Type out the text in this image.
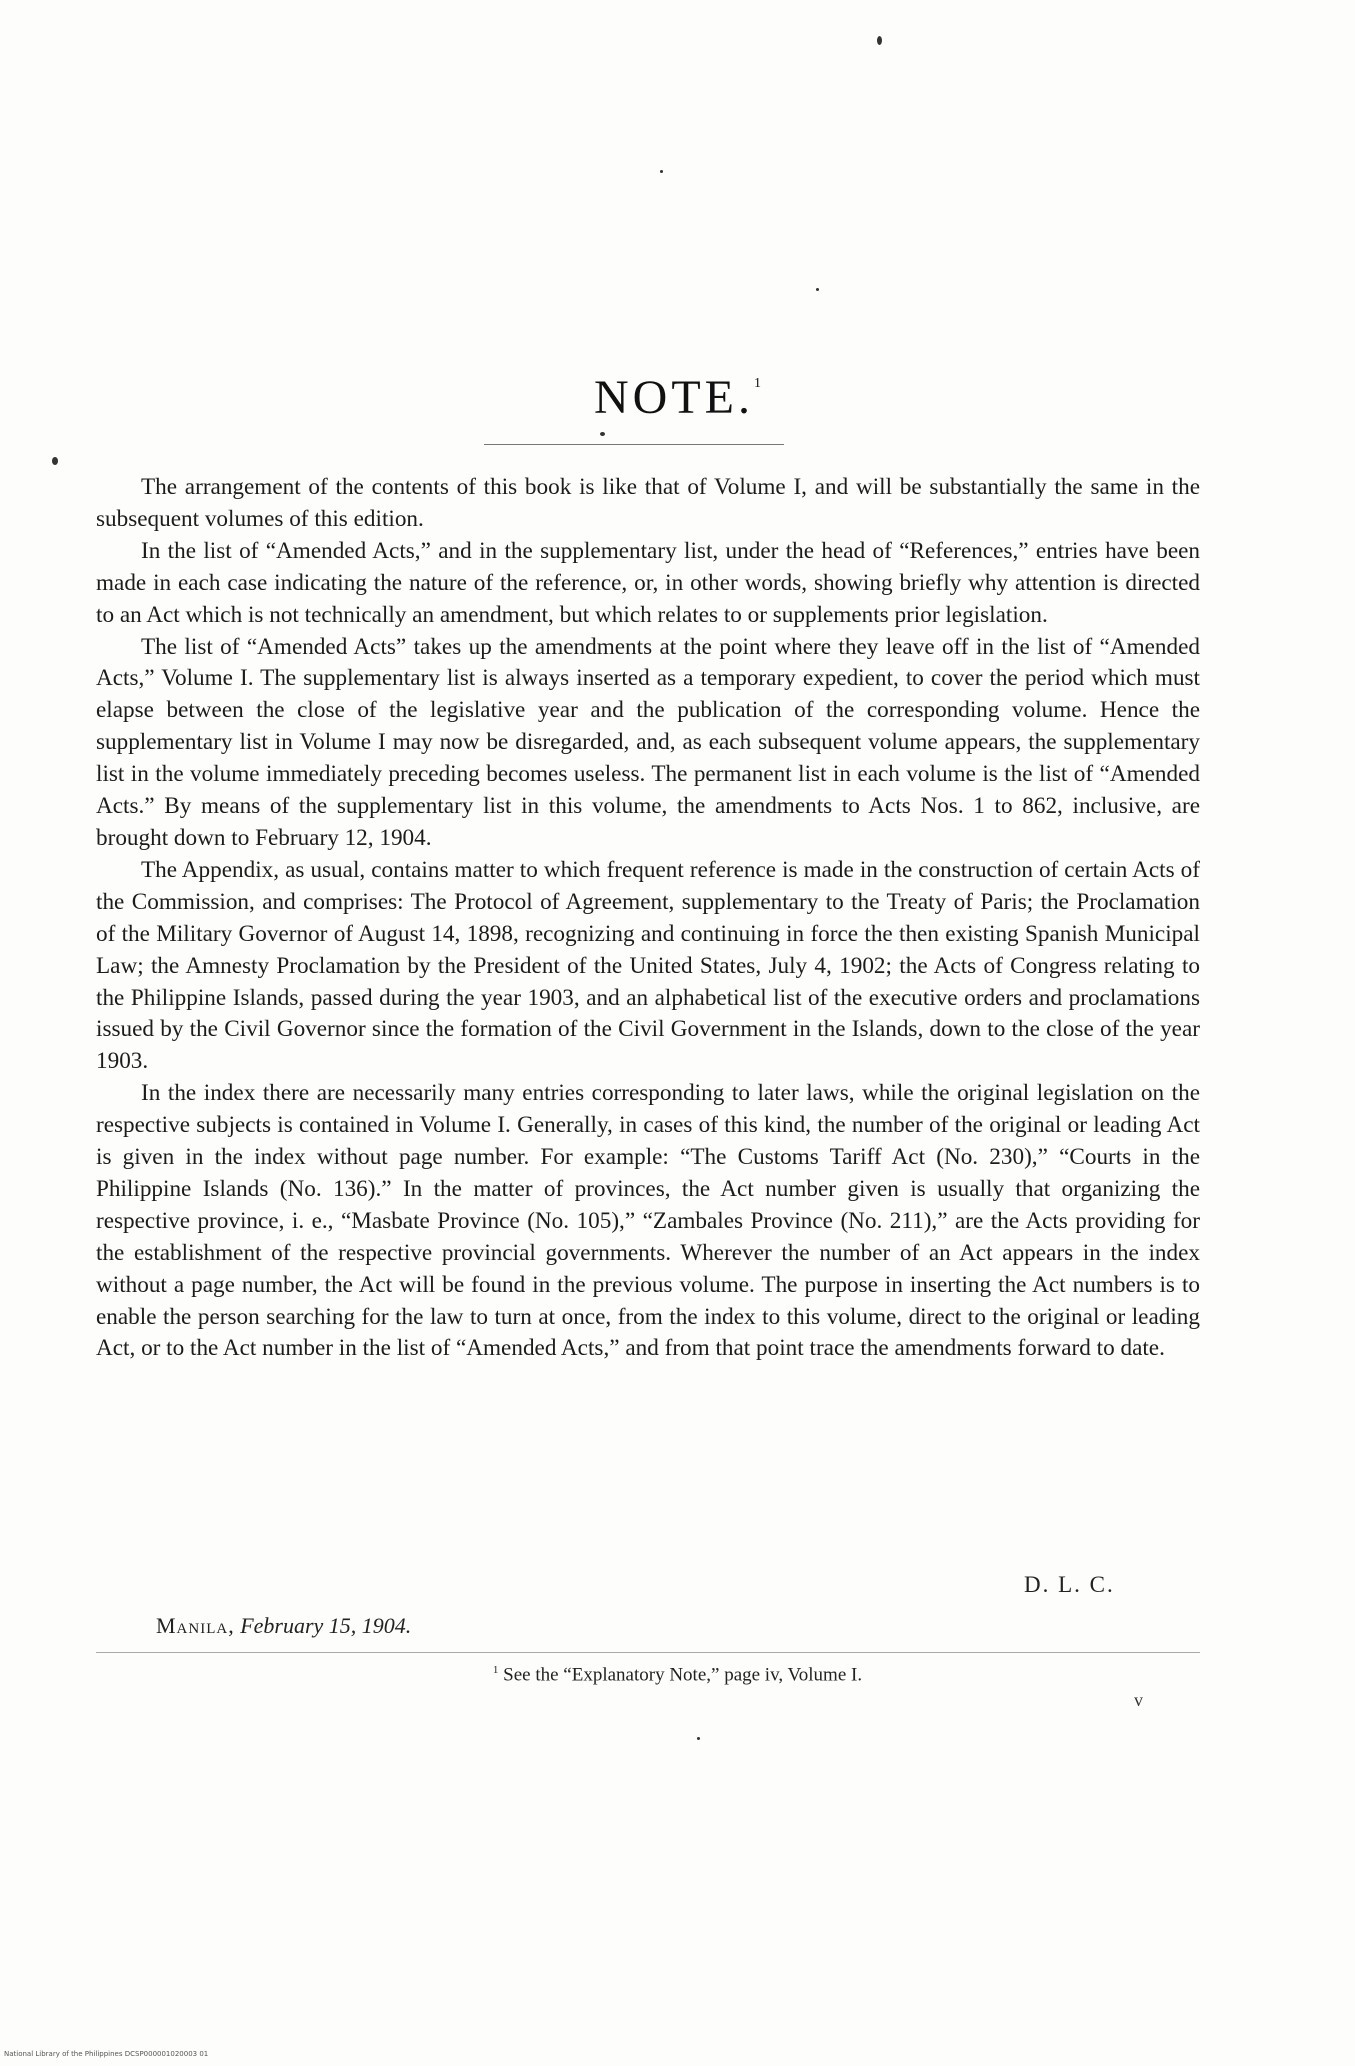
NOTE.$^1$

The arrangement of the contents of this book is like that of Volume I, and will be substantially the same in the subsequent volumes of this edition.

In the list of “Amended Acts,” and in the supplementary list, under the head of “References,” entries have been made in each case indicating the nature of the reference, or, in other words, showing briefly why attention is directed to an Act which is not technically an amendment, but which relates to or supplements prior legislation.

The list of “Amended Acts” takes up the amendments at the point where they leave off in the list of “Amended Acts,” Volume I. The supplementary list is always inserted as a temporary expedient, to cover the period which must elapse between the close of the legislative year and the publication of the corresponding volume. Hence the supplementary list in Volume I may now be disregarded, and, as each subsequent volume appears, the supplementary list in the volume immediately preceding becomes useless. The permanent list in each volume is the list of “Amended Acts.” By means of the supplementary list in this volume, the amendments to Acts Nos. 1 to 862, inclusive, are brought down to February 12, 1904.

The Appendix, as usual, contains matter to which frequent reference is made in the construction of certain Acts of the Commission, and comprises: The Protocol of Agreement, supplementary to the Treaty of Paris; the Proclamation of the Military Governor of August 14, 1898, recognizing and continuing in force the then existing Spanish Municipal Law; the Amnesty Proclamation by the President of the United States, July 4, 1902; the Acts of Congress relating to the Philippine Islands, passed during the year 1903, and an alphabetical list of the executive orders and proclamations issued by the Civil Governor since the formation of the Civil Government in the Islands, down to the close of the year 1903.

In the index there are necessarily many entries corresponding to later laws, while the original legislation on the respective subjects is contained in Volume I. Generally, in cases of this kind, the number of the original or leading Act is given in the index without page number. For example: “The Customs Tariff Act (No. 230),” “Courts in the Philippine Islands (No. 136).” In the matter of provinces, the Act number given is usually that organizing the respective province, i. e., “Masbate Province (No. 105),” “Zambales Province (No. 211),” are the Acts providing for the establishment of the respective provincial governments. Wherever the number of an Act appears in the index without a page number, the Act will be found in the previous volume. The purpose in inserting the Act numbers is to enable the person searching for the law to turn at once, from the index to this volume, direct to the original or leading Act, or to the Act number in the list of “Amended Acts,” and from that point trace the amendments forward to date.

D. L. C.
Manila, February 15, 1904.
$^1$ See the “Explanatory Note,” page iv, Volume I.
v
National Library of the Philippines DCSP000001020003 01
